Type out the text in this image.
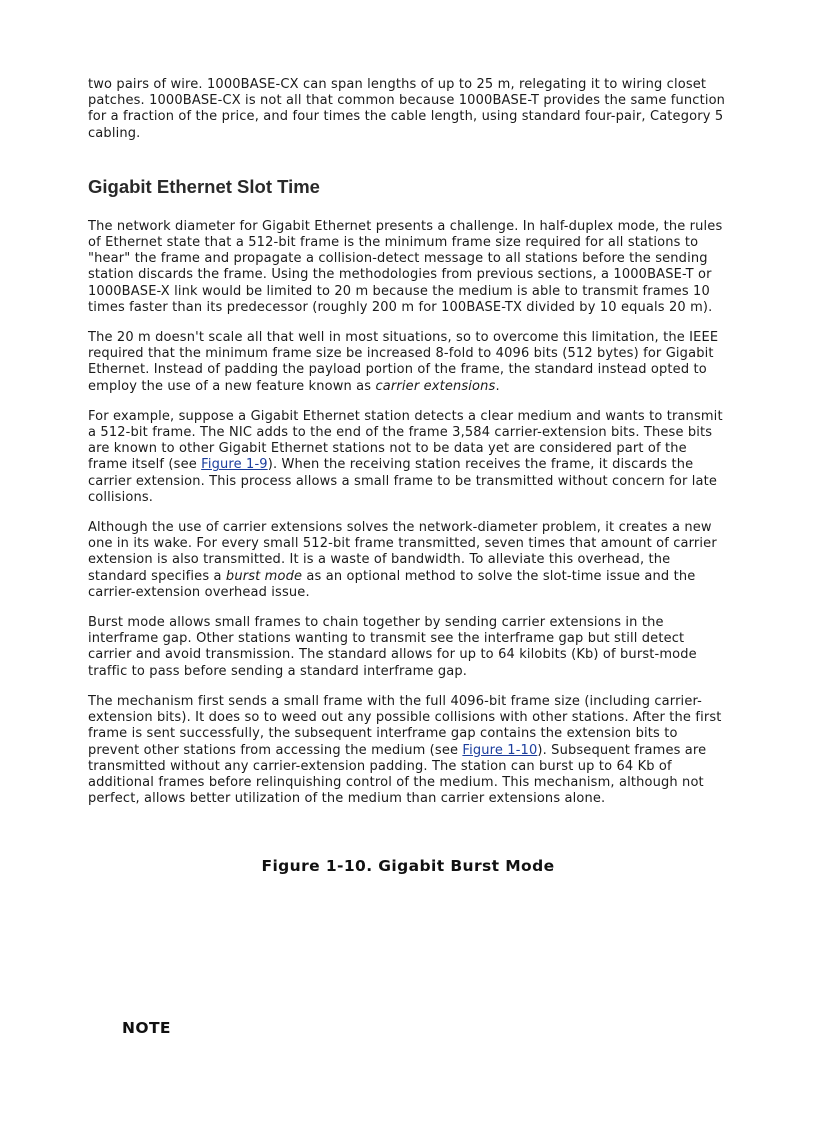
two pairs of wire. 1000BASE-CX can span lengths of up to 25 m, relegating it to wiring closet patches. 1000BASE-CX is not all that common because 1000BASE-T provides the same function for a fraction of the price, and four times the cable length, using standard four-pair, Category 5 cabling.

Gigabit Ethernet Slot Time

The network diameter for Gigabit Ethernet presents a challenge. In half-duplex mode, the rules of Ethernet state that a 512-bit frame is the minimum frame size required for all stations to "hear" the frame and propagate a collision-detect message to all stations before the sending station discards the frame. Using the methodologies from previous sections, a 1000BASE-T or 1000BASE-X link would be limited to 20 m because the medium is able to transmit frames 10 times faster than its predecessor (roughly 200 m for 100BASE-TX divided by 10 equals 20 m).

The 20 m doesn't scale all that well in most situations, so to overcome this limitation, the IEEE required that the minimum frame size be increased 8-fold to 4096 bits (512 bytes) for Gigabit Ethernet. Instead of padding the payload portion of the frame, the standard instead opted to employ the use of a new feature known as carrier extensions.

For example, suppose a Gigabit Ethernet station detects a clear medium and wants to transmit a 512-bit frame. The NIC adds to the end of the frame 3,584 carrier-extension bits. These bits are known to other Gigabit Ethernet stations not to be data yet are considered part of the frame itself (see Figure 1-9). When the receiving station receives the frame, it discards the carrier extension. This process allows a small frame to be transmitted without concern for late collisions.

Although the use of carrier extensions solves the network-diameter problem, it creates a new one in its wake. For every small 512-bit frame transmitted, seven times that amount of carrier extension is also transmitted. It is a waste of bandwidth. To alleviate this overhead, the standard specifies a burst mode as an optional method to solve the slot-time issue and the carrier-extension overhead issue.

Burst mode allows small frames to chain together by sending carrier extensions in the interframe gap. Other stations wanting to transmit see the interframe gap but still detect carrier and avoid transmission. The standard allows for up to 64 kilobits (Kb) of burst-mode traffic to pass before sending a standard interframe gap.

The mechanism first sends a small frame with the full 4096-bit frame size (including carrier-extension bits). It does so to weed out any possible collisions with other stations. After the first frame is sent successfully, the subsequent interframe gap contains the extension bits to prevent other stations from accessing the medium (see Figure 1-10). Subsequent frames are transmitted without any carrier-extension padding. The station can burst up to 64 Kb of additional frames before relinquishing control of the medium. This mechanism, although not perfect, allows better utilization of the medium than carrier extensions alone.

Figure 1-10. Gigabit Burst Mode
NOTE
